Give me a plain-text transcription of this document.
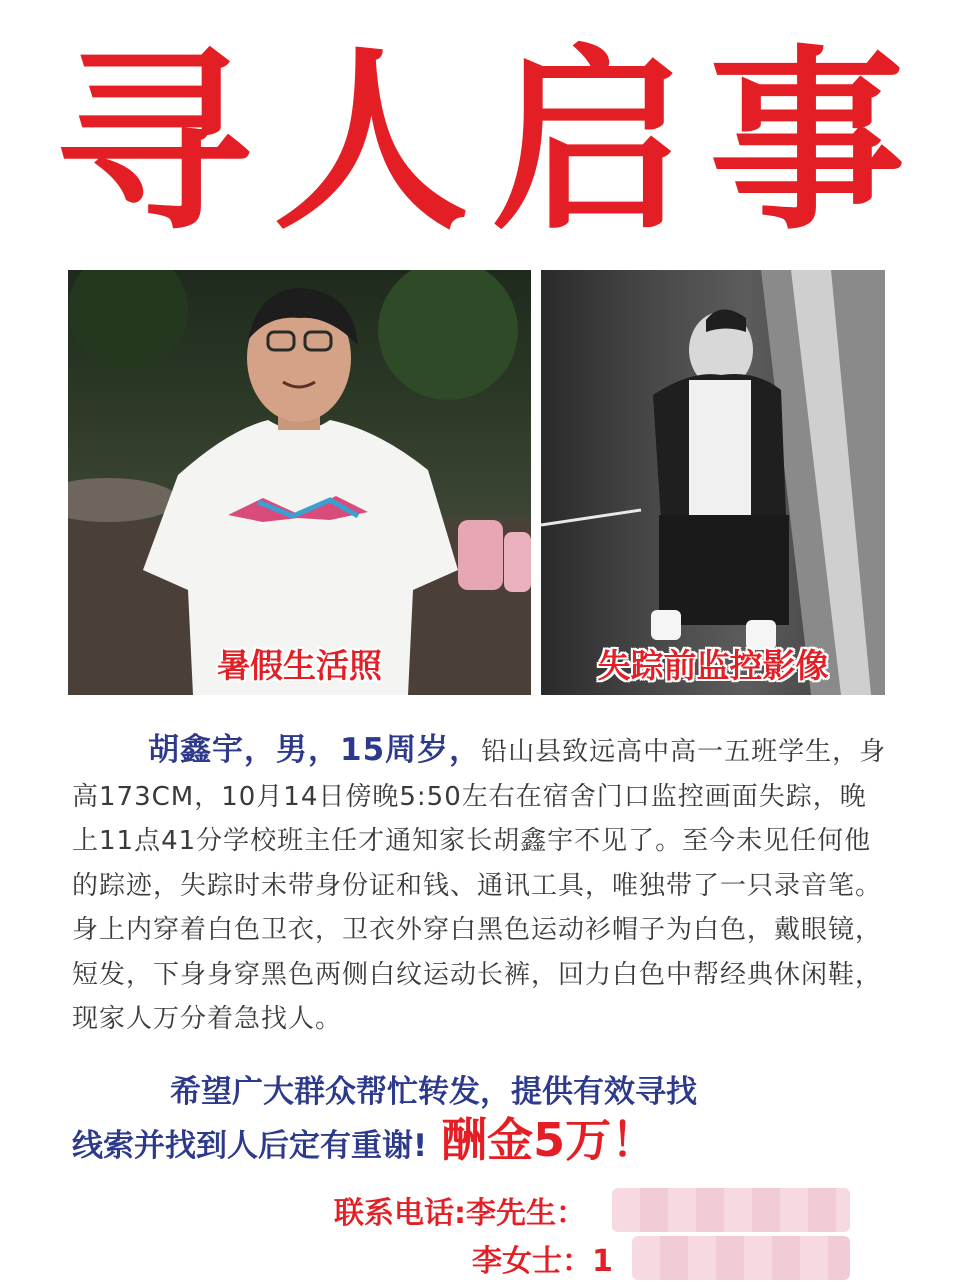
寻人启事
暑假生活照	失踪前监控影像
胡鑫宇，男，15周岁，铅山县致远高中高一五班学生，身高173CM，10月14日傍晚5:50左右在宿舍门口监控画面失踪，晚上11点41分学校班主任才通知家长胡鑫宇不见了。至今未见任何他的踪迹，失踪时未带身份证和钱、通讯工具，唯独带了一只录音笔。身上内穿着白色卫衣，卫衣外穿白黑色运动衫帽子为白色，戴眼镜，短发，下身身穿黑色两侧白纹运动长裤，回力白色中帮经典休闲鞋，现家人万分着急找人。
希望广大群众帮忙转发，提供有效寻找
线索并找到人后定有重谢! 酬金5万！
联系电话:李先生：
李女士：1
